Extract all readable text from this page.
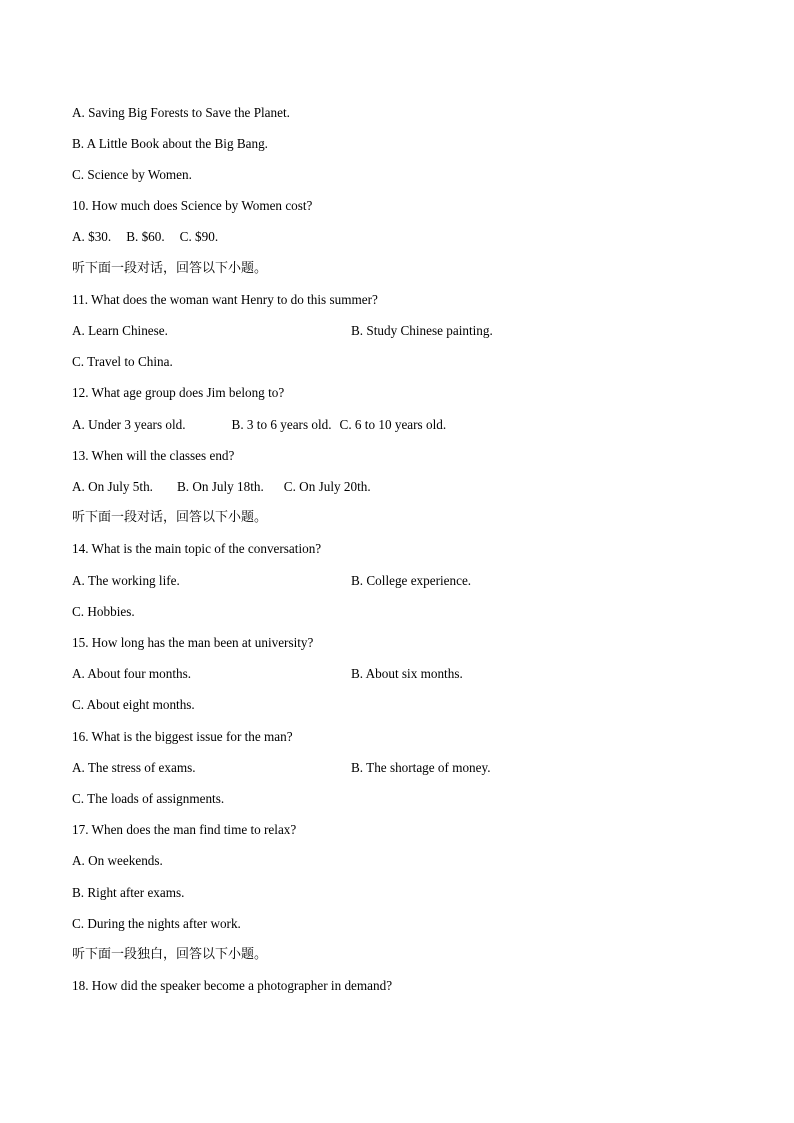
A. Saving Big Forests to Save the Planet.
B. A Little Book about the Big Bang.
C. Science by Women.
10. How much does Science by Women cost?
A. $30. B. $60. C. $90.
听下面一段对话，回答以下小题。
11. What does the woman want Henry to do this summer?
A. Learn Chinese.	B. Study Chinese painting.
C. Travel to China.
12. What age group does Jim belong to?
A. Under 3 years old.	B. 3 to 6 years old. C. 6 to 10 years old.
13. When will the classes end?
A. On July 5th. B. On July 18th. C. On July 20th.
听下面一段对话，回答以下小题。
14. What is the main topic of the conversation?
A. The working life.	B. College experience.
C. Hobbies.
15. How long has the man been at university?
A. About four months.	B. About six months.
C. About eight months.
16. What is the biggest issue for the man?
A. The stress of exams.	B. The shortage of money.
C. The loads of assignments.
17. When does the man find time to relax?
A. On weekends.
B. Right after exams.
C. During the nights after work.
听下面一段独白，回答以下小题。
18. How did the speaker become a photographer in demand?
